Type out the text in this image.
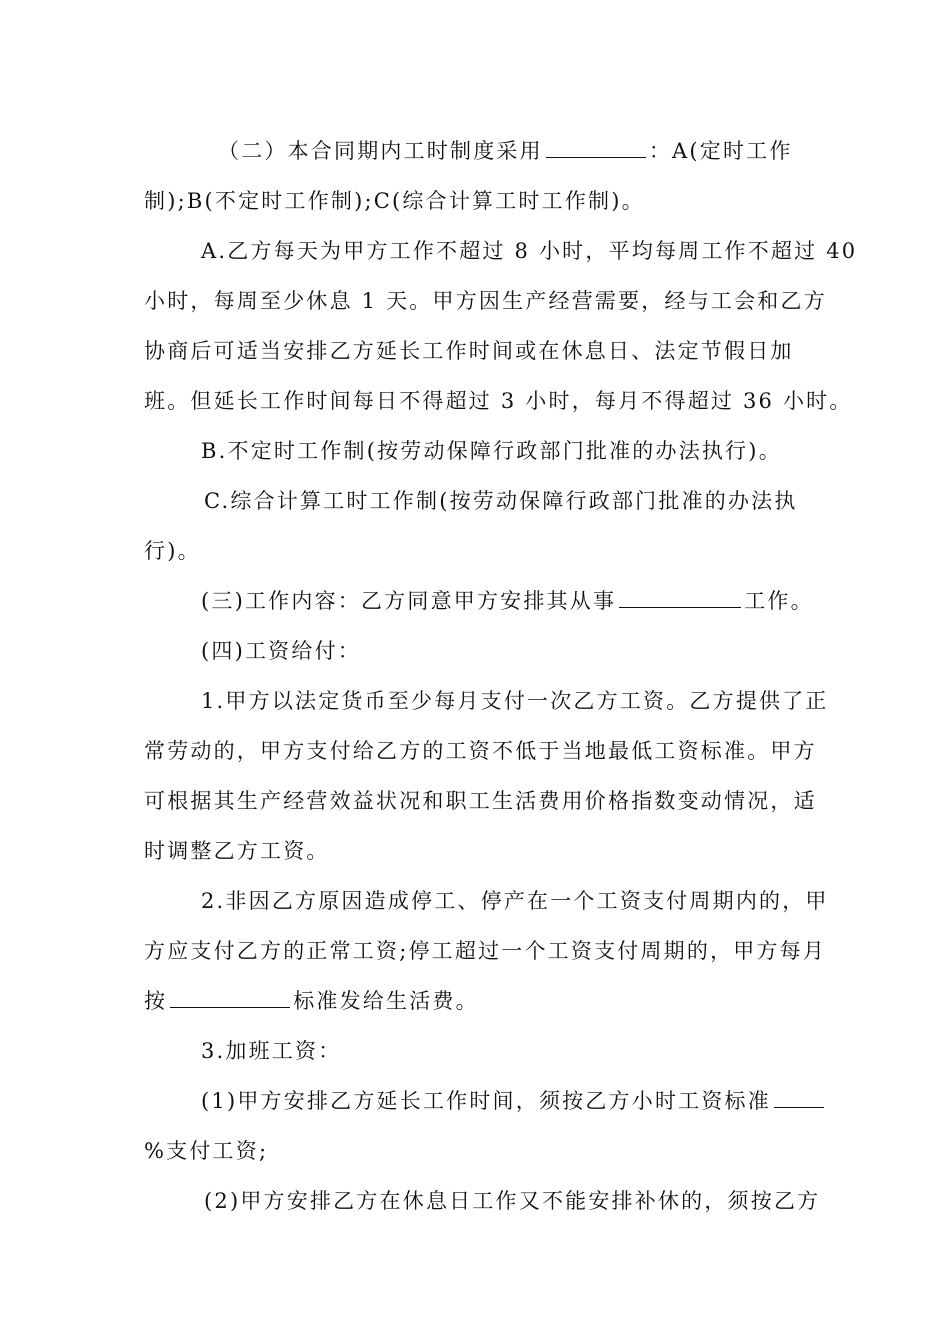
（二）本合同期内工时制度采用	：A(定时工作
制);B(不定时工作制);C(综合计算工时工作制)。
A.乙方每天为甲方工作不超过 8 小时，平均每周工作不超过 40
小时，每周至少休息 1 天。甲方因生产经营需要，经与工会和乙方
协商后可适当安排乙方延长工作时间或在休息日、法定节假日加
班。但延长工作时间每日不得超过 3 小时，每月不得超过 36 小时。
B.不定时工作制(按劳动保障行政部门批准的办法执行)。
C.综合计算工时工作制(按劳动保障行政部门批准的办法执
行)。
(三)工作内容：乙方同意甲方安排其从事	工作。
(四)工资给付：
1.甲方以法定货币至少每月支付一次乙方工资。乙方提供了正
常劳动的，甲方支付给乙方的工资不低于当地最低工资标准。甲方
可根据其生产经营效益状况和职工生活费用价格指数变动情况，适
时调整乙方工资。
2.非因乙方原因造成停工、停产在一个工资支付周期内的，甲
方应支付乙方的正常工资;停工超过一个工资支付周期的，甲方每月
按	标准发给生活费。
3.加班工资：
(1)甲方安排乙方延长工作时间，须按乙方小时工资标准
%支付工资;
(2)甲方安排乙方在休息日工作又不能安排补休的，须按乙方
